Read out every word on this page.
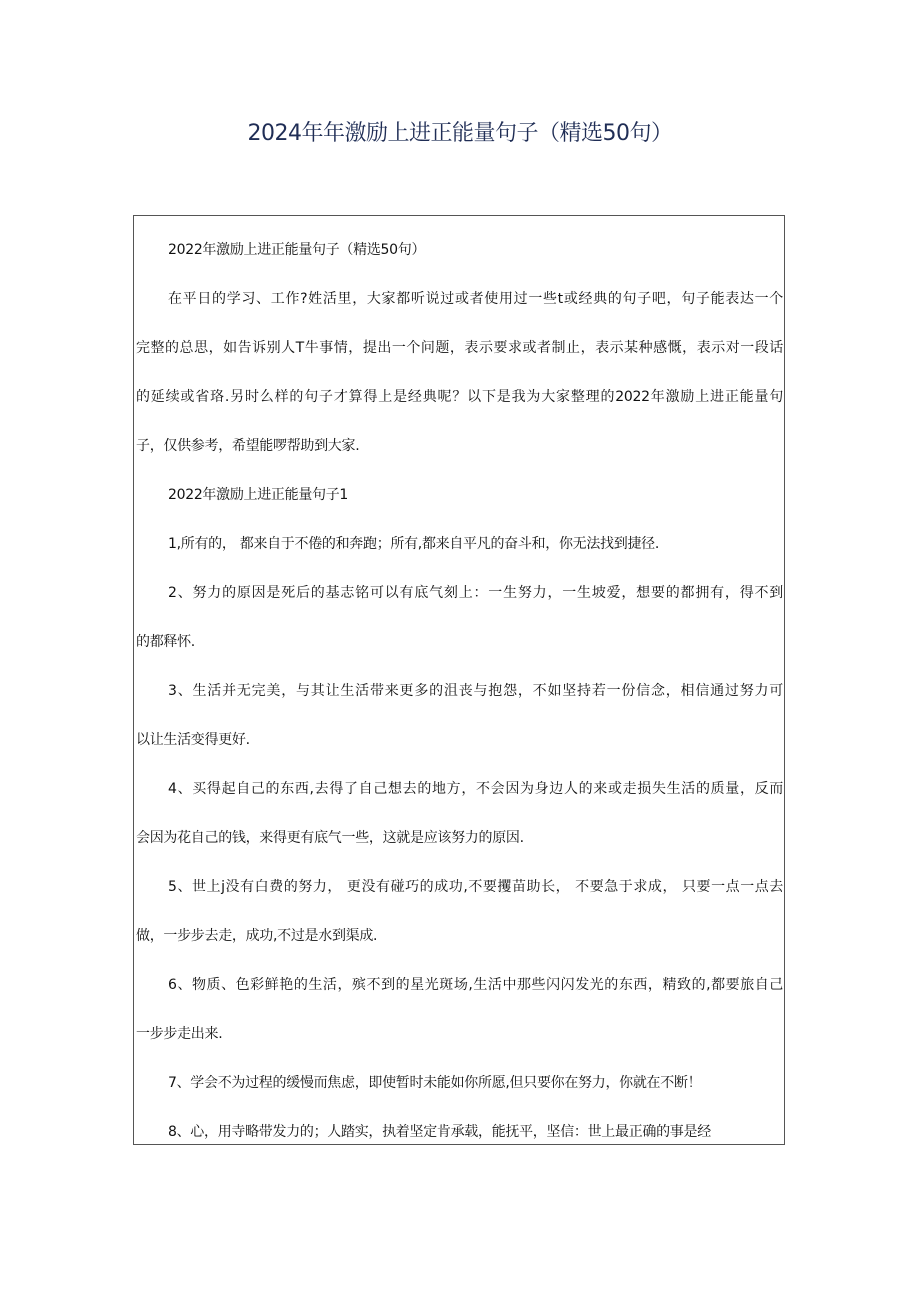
2024年年激励上进正能量句子（精选50句）
2022年激励上进正能量句子（精选50句）
在平日的学习、工作?姓活里，大家都听说过或者使用过一些t或经典的句子吧，句子能表达一个
完整的总思，如告诉别人T牛事情，提出一个问题，表示要求或者制止，表示某种感慨，表示对一段话
的延续或省珞.另时么样的句子才算得上是经典呢？以下是我为大家整理的2022年激励上进正能量句
子，仅供参考，希望能啰帮助到大家.
2022年激励上进正能量句子1
1,所有的， 都来自于不倦的和奔跑；所有,都来自平凡的奋斗和，你无法找到捷径.
2、努力的原因是死后的基志铭可以有底气刻上：一生努力，一生坡爱，想要的都拥有，得不到
的都释怀.
3、生活并无完美，与其让生活带来更多的沮丧与抱怨，不如坚持若一份信念，相信通过努力可
以让生活变得更好.
4、买得起自己的东西,去得了自己想去的地方，不会因为身边人的来或走损失生活的质量，反而
会因为花自己的钱，来得更有底气一些，这就是应该努力的原因.
5、世上j没有白费的努力， 更没有碰巧的成功,不要攫苗助长， 不要急于求成， 只要一点一点去
做，一步步去走，成功,不过是水到渠成.
6、物质、色彩鲜艳的生活，殡不到的星光斑场,生活中那些闪闪发光的东西，精致的,都要旅自己
一步步走出来.
7、学会不为过程的缓慢而焦虑，即使暂时未能如你所愿,但只要你在努力，你就在不断！
8、心，用寺略带发力的；人踏实，执着坚定肯承载，能抚平，坚信：世上最正确的事是经
